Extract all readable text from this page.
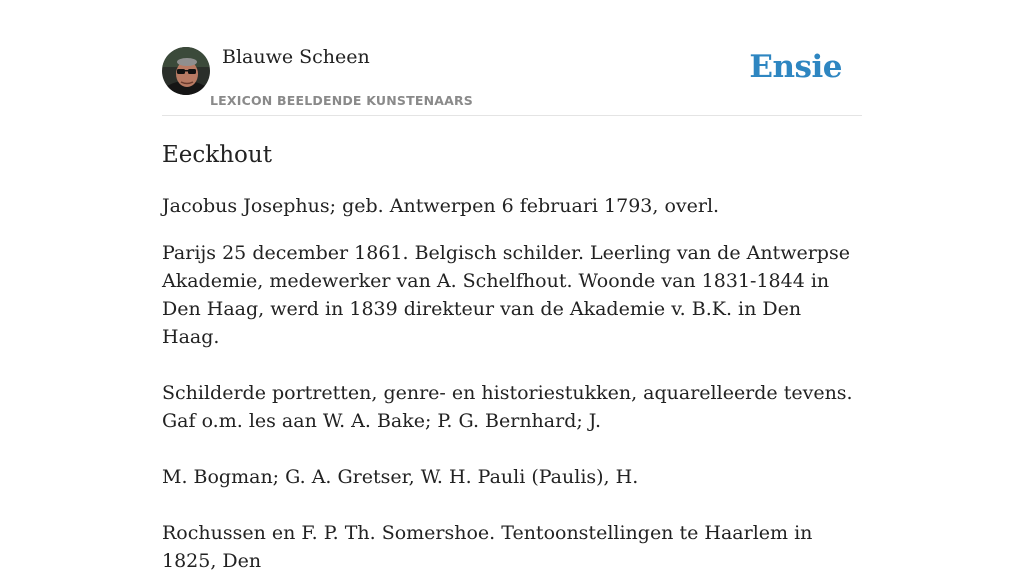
Blauwe Scheen
LEXICON BEELDENDE KUNSTENAARS
Ensie
Eeckhout

Jacobus Josephus; geb. Antwerpen 6 februari 1793, overl.

Parijs 25 december 1861. Belgisch schilder. Leerling van de Antwerpse Akademie, medewerker van A. Schelfhout. Woonde van 1831-1844 in Den Haag, werd in 1839 direkteur van de Akademie v. B.K. in Den Haag.

Schilderde portretten, genre- en historiestukken, aquarelleerde tevens. Gaf o.m. les aan W. A. Bake; P. G. Bernhard; J.

M. Bogman; G. A. Gretser, W. H. Pauli (Paulis), H.

Rochussen en F. P. Th. Somershoe. Tentoonstellingen te Haarlem in 1825, Den
